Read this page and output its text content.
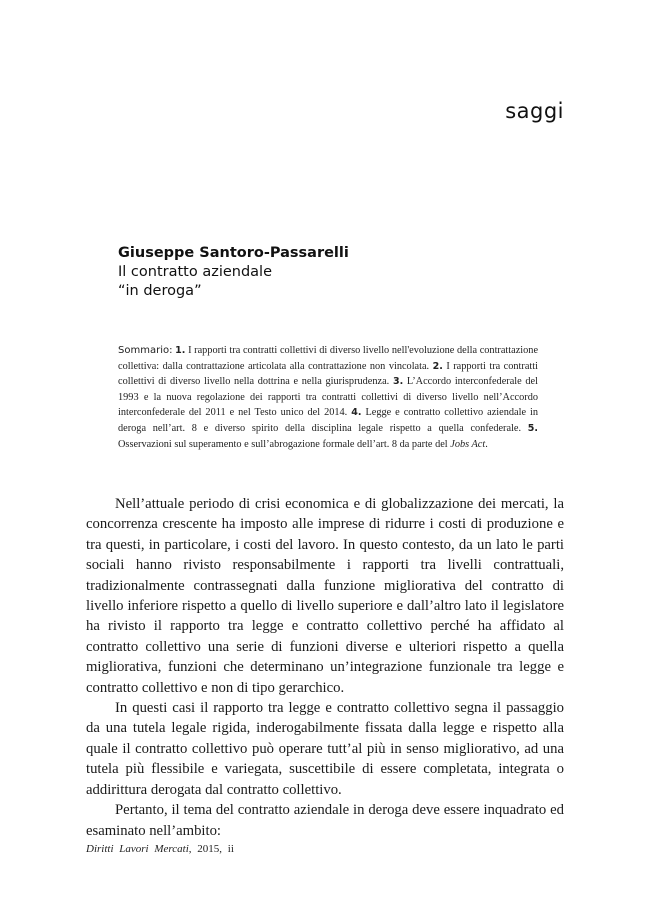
saggi
Giuseppe Santoro-Passarelli
Il contratto aziendale
“in deroga”
Sommario: 1. I rapporti tra contratti collettivi di diverso livello nell'evoluzione della contrattazione collettiva: dalla contrattazione articolata alla contrattazione non vincolata. 2. I rapporti tra contratti collettivi di diverso livello nella dottrina e nella giurisprudenza. 3. L’Accordo interconfederale del 1993 e la nuova regolazione dei rapporti tra contratti collettivi di diverso livello nell’Accordo interconfederale del 2011 e nel Testo unico del 2014. 4. Legge e contratto collettivo aziendale in deroga nell’art. 8 e diverso spirito della disciplina legale rispetto a quella confederale. 5. Osservazioni sul superamento e sull’abrogazione formale dell’art. 8 da parte del Jobs Act.

Nell’attuale periodo di crisi economica e di globalizzazione dei mercati, la concorrenza crescente ha imposto alle imprese di ridurre i costi di produzione e tra questi, in particolare, i costi del lavoro. In questo contesto, da un lato le parti sociali hanno rivisto responsabilmente i rapporti tra livelli contrattuali, tradizionalmente contrassegnati dalla funzione migliorativa del contratto di livello inferiore rispetto a quello di livello superiore e dall’altro lato il legislatore ha rivisto il rapporto tra legge e contratto collettivo perché ha affidato al contratto collettivo una serie di funzioni diverse e ulteriori rispetto a quella migliorativa, funzioni che determinano un’integrazione funzionale tra legge e contratto collettivo e non di tipo gerarchico.

In questi casi il rapporto tra legge e contratto collettivo segna il passaggio da una tutela legale rigida, inderogabilmente fissata dalla legge e rispetto alla quale il contratto collettivo può operare tutt’al più in senso migliorativo, ad una tutela più flessibile e variegata, suscettibile di essere completata, integrata o addirittura derogata dal contratto collettivo.

Pertanto, il tema del contratto aziendale in deroga deve essere inquadrato ed esaminato nell’ambito:

Diritti Lavori Mercati, 2015, ii
